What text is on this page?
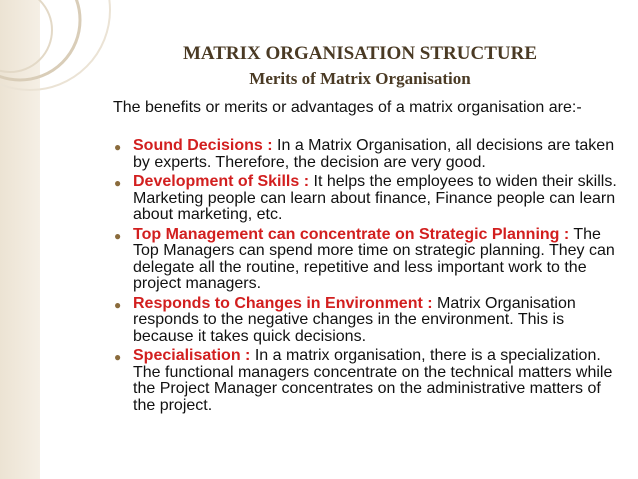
MATRIX ORGANISATION STRUCTURE
Merits of Matrix Organisation

The benefits or merits or advantages of a matrix organisation are:-

● Sound Decisions : In a Matrix Organisation, all decisions are taken by experts. Therefore, the decision are very good.
● Development of Skills : It helps the employees to widen their skills. Marketing people can learn about finance, Finance people can learn about marketing, etc.
● Top Management can concentrate on Strategic Planning : The Top Managers can spend more time on strategic planning. They can delegate all the routine, repetitive and less important work to the project managers.
● Responds to Changes in Environment : Matrix Organisation responds to the negative changes in the environment. This is because it takes quick decisions.
● Specialisation : In a matrix organisation, there is a specialization. The functional managers concentrate on the technical matters while the Project Manager concentrates on the administrative matters of the project.
